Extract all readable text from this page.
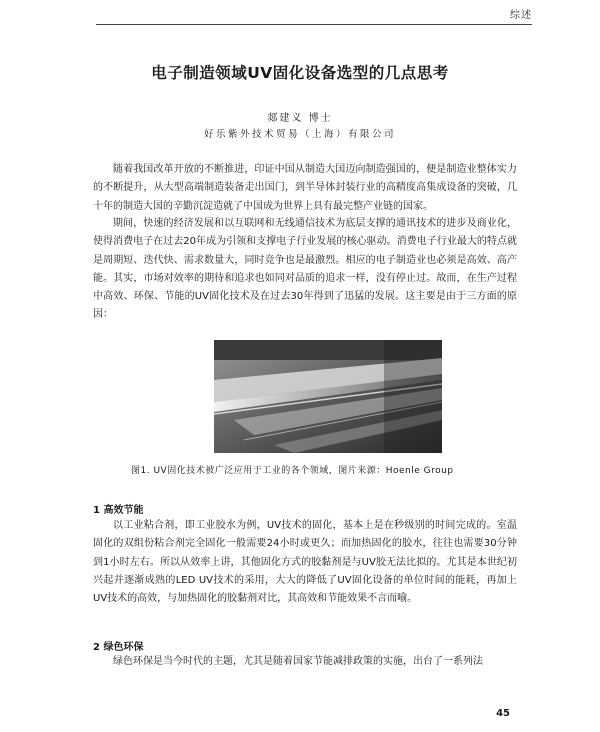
综述
电子制造领域UV固化设备选型的几点思考
郯建义 博士
好乐紫外技术贸易（上海）有限公司

随着我国改革开放的不断推进，印证中国从制造大国迈向制造强国的，便是制造业整体实力的不断提升，从大型高端制造装备走出国门，到半导体封装行业的高精度高集成设备的突破，几十年的制造大国的辛勤沉淀造就了中国成为世界上具有最完整产业链的国家。

期间，快速的经济发展和以互联网和无线通信技术为底层支撑的通讯技术的进步及商业化，使得消费电子在过去20年成为引领和支撑电子行业发展的核心驱动。消费电子行业最大的特点就是周期短、迭代快、需求数量大，同时竞争也是最激烈。相应的电子制造业也必须是高效、高产能。其实，市场对效率的期待和追求也如同对品质的追求一样，没有停止过。故而，在生产过程中高效、环保、节能的UV固化技术及在过去30年得到了迅猛的发展。这主要是由于三方面的原因：

图1. UV固化技术被广泛应用于工业的各个领域，图片来源：Hoenle Group
1 高效节能

以工业粘合剂，即工业胶水为例，UV技术的固化，基本上是在秒级别的时间完成的。室温固化的双组份粘合剂完全固化一般需要24小时或更久；而加热固化的胶水，往往也需要30分钟到1小时左右。所以从效率上讲，其他固化方式的胶黏剂是与UV胶无法比拟的。尤其是本世纪初兴起并逐渐成熟的LED UV技术的采用，大大的降低了UV固化设备的单位时间的能耗，再加上UV技术的高效，与加热固化的胶黏剂对比，其高效和节能效果不言而喻。

2 绿色环保

绿色环保是当今时代的主题，尤其是随着国家节能减排政策的实施，出台了一系列法

45
